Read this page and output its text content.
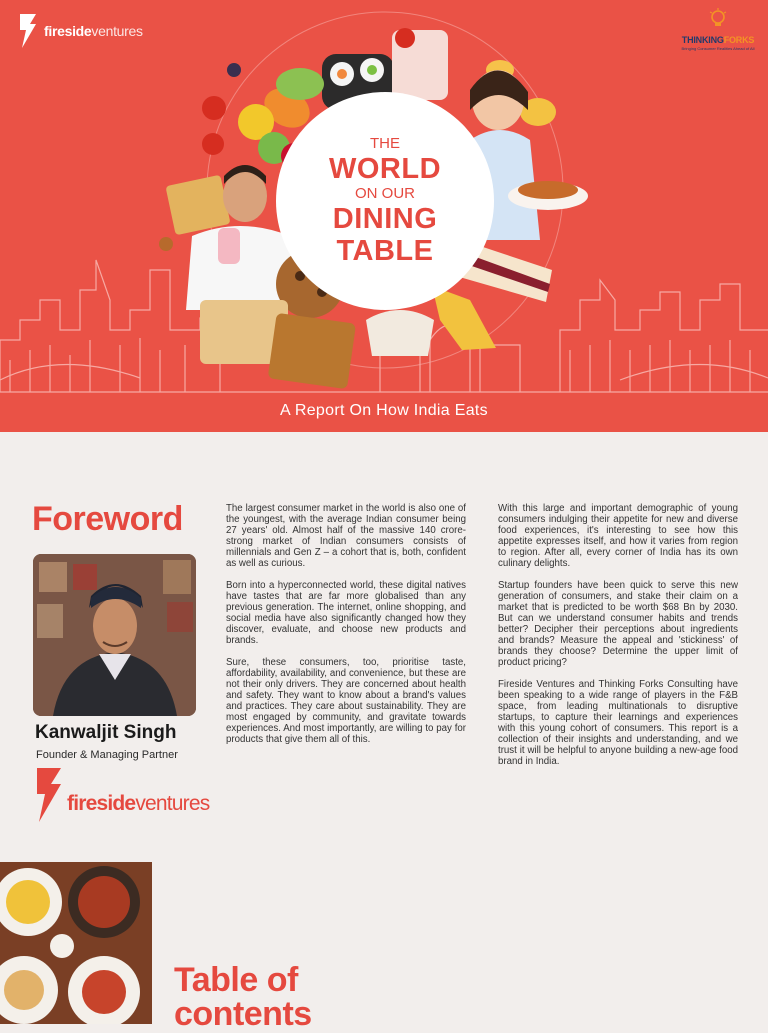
firesideventures
THINKINGFORKS
Bringing Consumer Realities Ahead of All
THE
WORLD
ON OUR
DINING
TABLE
A Report On How India Eats
Foreword
Kanwaljit Singh
Founder & Managing Partner
firesideventures

The largest consumer market in the world is also one of the youngest, with the average Indian consumer being 27 years' old. Almost half of the massive 140 crore-strong market of Indian consumers consists of millennials and Gen Z – a cohort that is, both, confident as well as curious.

Born into a hyperconnected world, these digital natives have tastes that are far more globalised than any previous generation. The internet, online shopping, and social media have also significantly changed how they discover, evaluate, and choose new products and brands.

Sure, these consumers, too, prioritise taste, affordability, availability, and convenience, but these are not their only drivers. They are concerned about health and safety. They want to know about a brand's values and practices. They care about sustainability. They are most engaged by community, and gravitate towards experiences. And most importantly, are willing to pay for products that give them all of this.

With this large and important demographic of young consumers indulging their appetite for new and diverse food experiences, it's interesting to see how this appetite expresses itself, and how it varies from region to region. After all, every corner of India has its own culinary delights.

Startup founders have been quick to serve this new generation of consumers, and stake their claim on a market that is predicted to be worth $68 Bn by 2030. But can we understand consumer habits and trends better? Decipher their perceptions about ingredients and brands? Measure the appeal and 'stickiness' of brands they choose? Determine the upper limit of product pricing?

Fireside Ventures and Thinking Forks Consulting have been speaking to a wide range of players in the F&B space, from leading multinationals to disruptive startups, to capture their learnings and experiences with this young cohort of consumers. This report is a collection of their insights and understanding, and we trust it will be helpful to anyone building a new-age food brand in India.

Table of
contents
